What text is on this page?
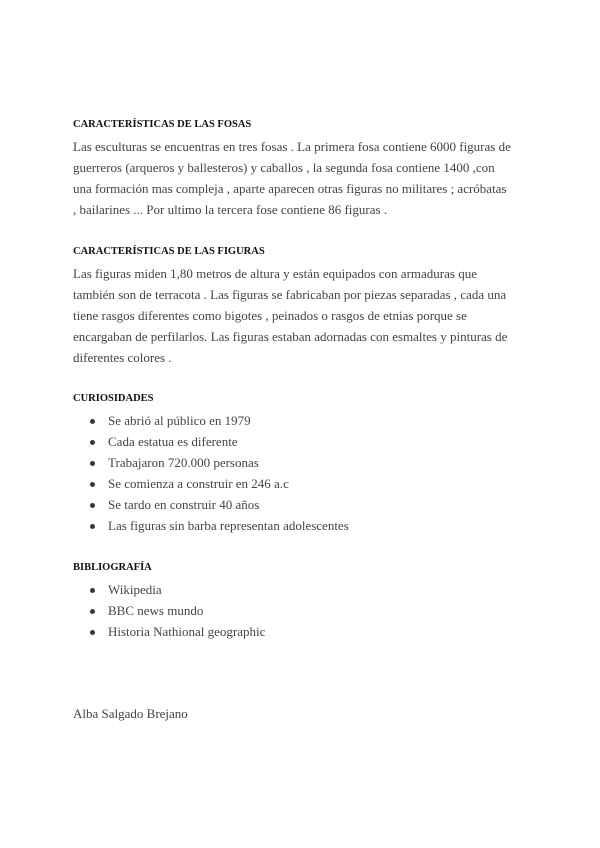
CARACTERÍSTICAS DE LAS FOSAS
Las esculturas se encuentras en tres fosas . La primera fosa contiene 6000 figuras de
guerreros (arqueros y ballesteros) y caballos , la segunda fosa contiene 1400 ,con
una formación mas compleja , aparte aparecen otras figuras no militares ; acróbatas
, bailarines ... Por ultimo la tercera fose contiene 86 figuras .
CARACTERÍSTICAS DE LAS FIGURAS
Las figuras miden 1,80 metros de altura y están equipados con armaduras que
también son de terracota . Las figuras se fabricaban por piezas separadas , cada una
tiene rasgos diferentes como bigotes , peinados o rasgos de etnias porque se
encargaban de perfilarlos. Las figuras estaban adornadas con esmaltes y pinturas de
diferentes colores .
CURIOSIDADES
Se abrió al público en 1979
Cada estatua es diferente
Trabajaron 720.000 personas
Se comienza a construir en 246 a.c
Se tardo en construir 40 años
Las figuras sin barba representan adolescentes
BIBLIOGRAFÍA
Wikipedia
BBC news mundo
Historia Nathional geographic
Alba Salgado Brejano
